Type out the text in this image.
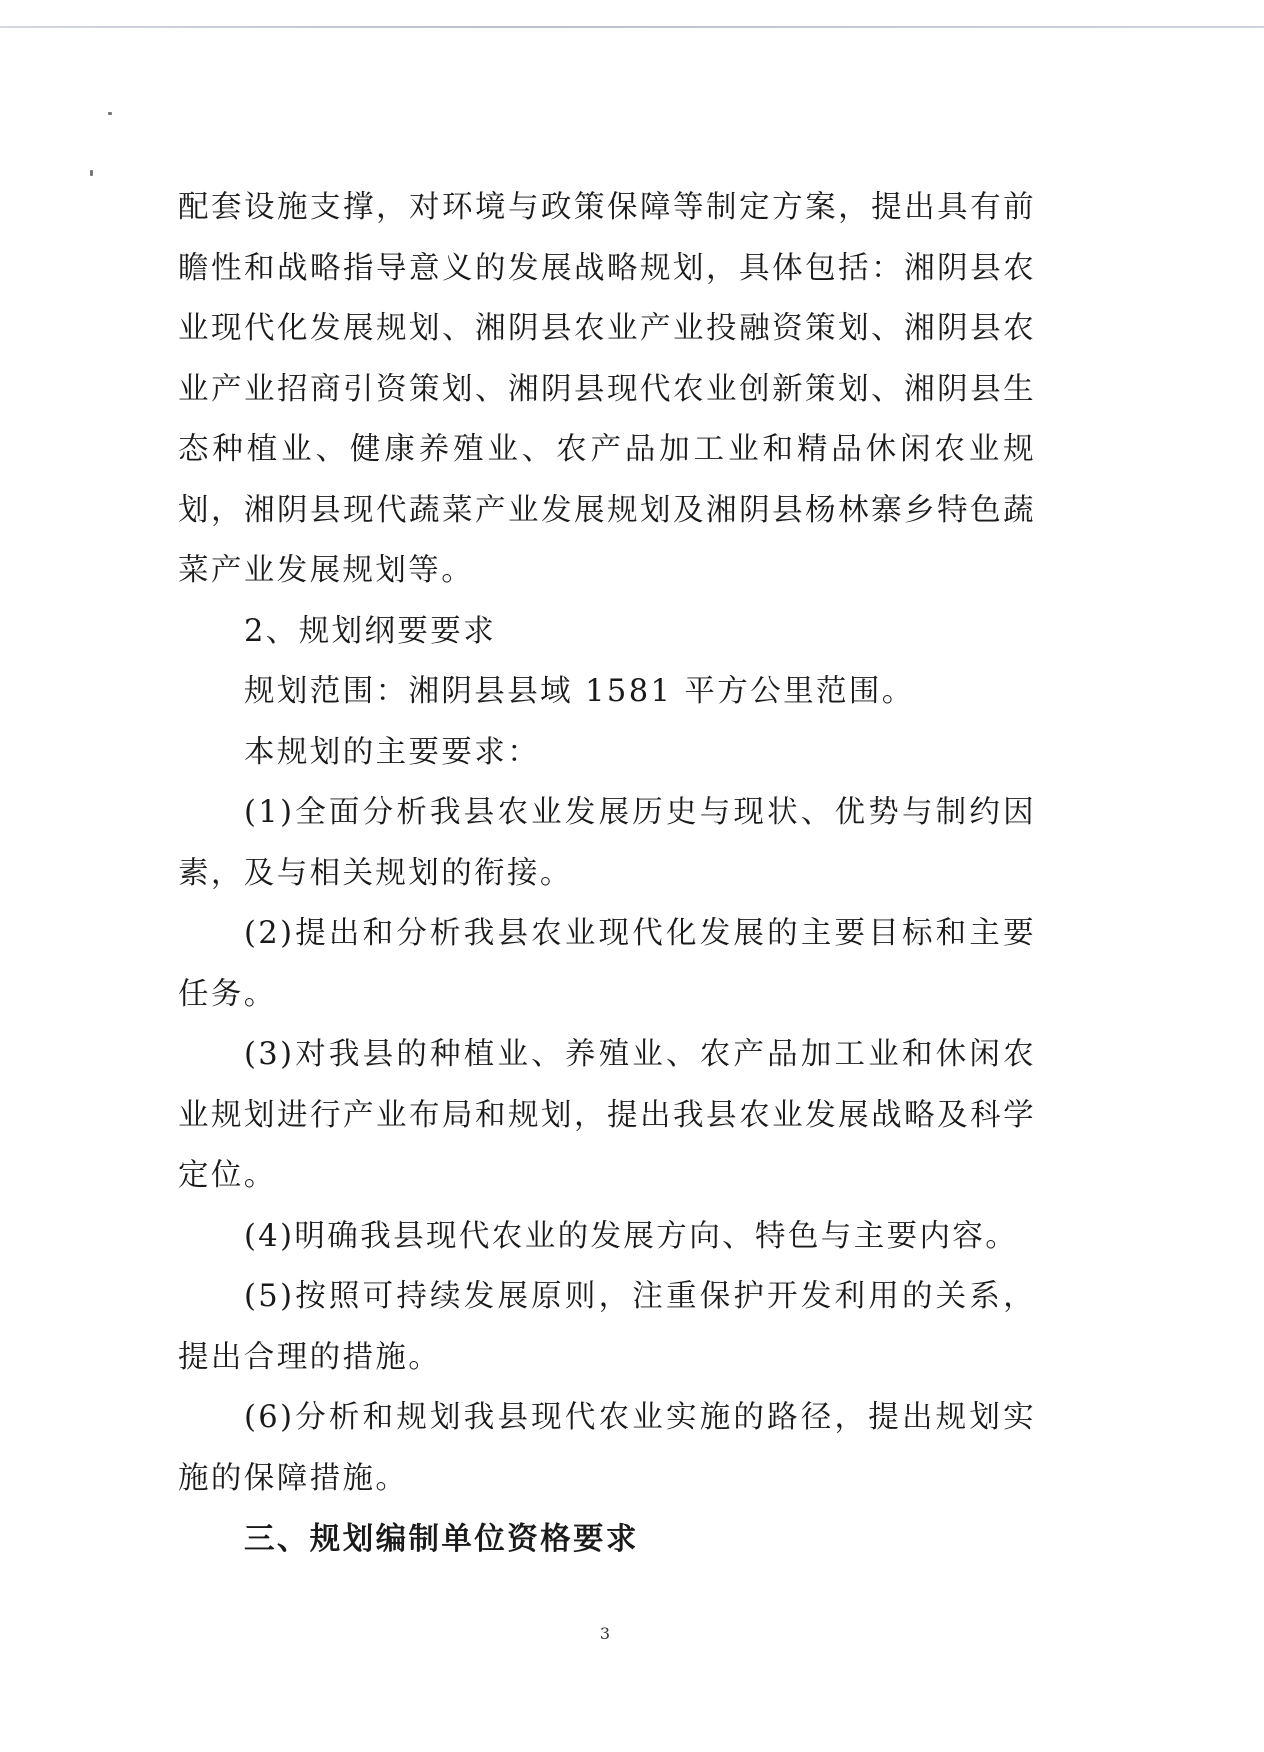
配套设施支撑，对环境与政策保障等制定方案，提出具有前瞻性和战略指导意义的发展战略规划，具体包括：湘阴县农业现代化发展规划、湘阴县农业产业投融资策划、湘阴县农业产业招商引资策划、湘阴县现代农业创新策划、湘阴县生态种植业、健康养殖业、农产品加工业和精品休闲农业规划，湘阴县现代蔬菜产业发展规划及湘阴县杨林寨乡特色蔬菜产业发展规划等。

2、规划纲要要求

规划范围：湘阴县县域 1581 平方公里范围。

本规划的主要要求：

(1)全面分析我县农业发展历史与现状、优势与制约因素，及与相关规划的衔接。

(2)提出和分析我县农业现代化发展的主要目标和主要任务。

(3)对我县的种植业、养殖业、农产品加工业和休闲农业规划进行产业布局和规划，提出我县农业发展战略及科学定位。

(4)明确我县现代农业的发展方向、特色与主要内容。

(5)按照可持续发展原则，注重保护开发利用的关系，提出合理的措施。

(6)分析和规划我县现代农业实施的路径，提出规划实施的保障措施。

三、规划编制单位资格要求

3
